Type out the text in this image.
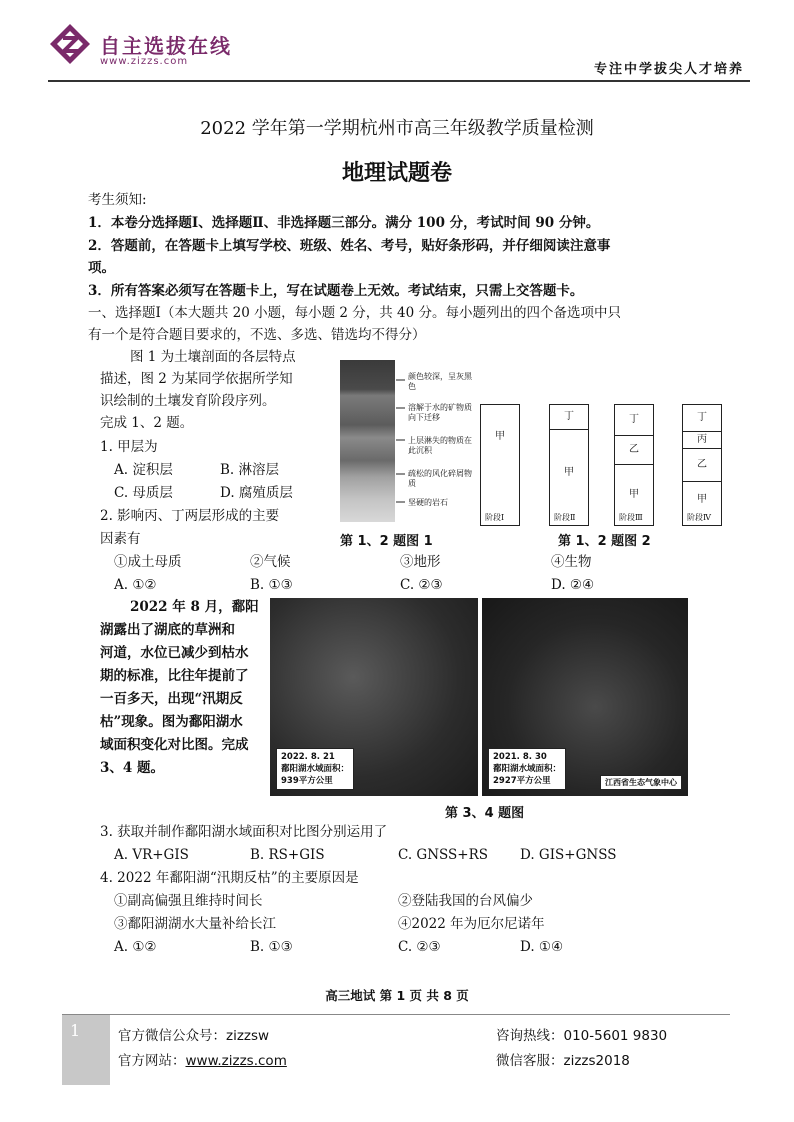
自主选拔在线
www.zizzs.com
专注中学拔尖人才培养
2022 学年第一学期杭州市高三年级教学质量检测
地理试题卷
考生须知:
1．本卷分选择题Ⅰ、选择题Ⅱ、非选择题三部分。满分 100 分，考试时间 90 分钟。
2．答题前，在答题卡上填写学校、班级、姓名、考号，贴好条形码，并仔细阅读注意事
项。
3．所有答案必须写在答题卡上，写在试题卷上无效。考试结束，只需上交答题卡。
一、选择题Ⅰ（本大题共 20 小题，每小题 2 分，共 40 分。每小题列出的四个备选项中只
有一个是符合题目要求的，不选、多选、错选均不得分）
图 1 为土壤剖面的各层特点
描述，图 2 为某同学依据所学知
识绘制的土壤发育阶段序列。
完成 1、2 题。
1. 甲层为
A. 淀积层	B. 淋溶层
C. 母质层	D. 腐殖质层
2. 影响丙、丁两层形成的主要
因素有
①成土母质	②气候	③地形	④生物
A. ①②	B. ①③	C. ②③	D. ②④
颜色较深，呈灰黑色
溶解于水的矿物质向下迁移
上层淋失的物质在此沉积
疏松的风化碎屑物质
坚硬的岩石
第 1、2 题图 1
甲
阶段Ⅰ
丁
甲
阶段Ⅱ
丁
乙
甲
阶段Ⅲ
丁
丙
乙
甲
阶段Ⅳ
第 1、2 题图 2
2022 年 8 月，鄱阳
湖露出了湖底的草洲和
河道，水位已减少到枯水
期的标准，比往年提前了
一百多天，出现“汛期反
枯”现象。图为鄱阳湖水
域面积变化对比图。完成
3、4 题。
2022. 8. 21
鄱阳湖水域面积：
939平方公里
2021. 8. 30
鄱阳湖水域面积：
2927平方公里	江西省生态气象中心
第 3、4 题图
3. 获取并制作鄱阳湖水域面积对比图分别运用了
A. VR+GIS	B. RS+GIS	C. GNSS+RS D. GIS+GNSS
4. 2022 年鄱阳湖“汛期反枯”的主要原因是
①副高偏强且维持时间长	②登陆我国的台风偏少
③鄱阳湖湖水大量补给长江	④2022 年为厄尔尼诺年
A. ①②	B. ①③	C. ②③	D. ①④
高三地试 第 1 页 共 8 页
1	官方微信公众号：zizzsw
官方网站：www.zizzs.com
咨询热线：010-5601 9830
微信客服：zizzs2018
